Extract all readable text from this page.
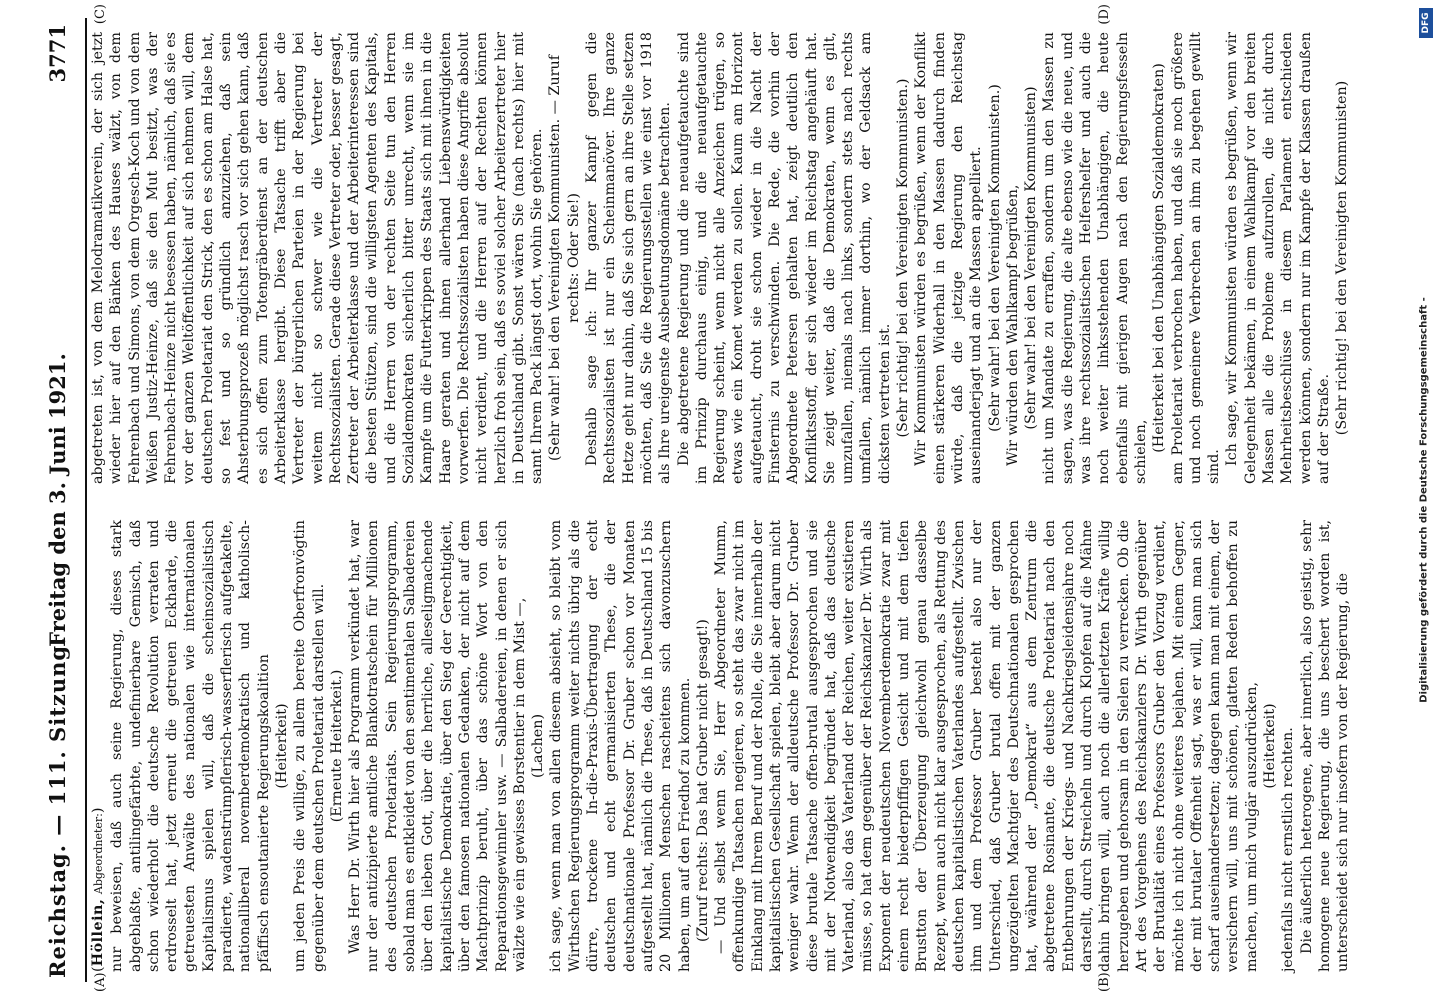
Reichstag. — 111. Sitzung.
Freitag den 3. Juni 1921.
3771
(A)	(B)
(C)	(D)

(Höllein, Abgeordneter:) nur beweisen, daß auch seine Regierung, dieses stark abgeblaßte, antilingefärbte, undefinierbare Gemisch, daß schon wiederholt die deutsche Revolution verraten und erdrosselt hat, jetzt erneut die getreuen Eckharde, die getreuesten Anwälte des nationalen wie internationalen Kapitalismus spielen will, daß die scheinsozialistisch paradierte, wadenstrümpflerisch-wasserflerisch aufgetakelte, nationalliberal novemberdemokratisch und katholisch-pfäffisch ensoutanierte Regierungskoalition (Heiterkeit) um jeden Preis die willige, zu allem bereite Oberfronvögtin gegenüber dem deutschen Proletariat darstellen will. (Erneute Heiterkeit.) Was Herr Dr. Wirth hier als Programm verkündet hat, war nur der antizipierte amtliche Blankotratschein für Millionen des deutschen Proletariats. Sein Regierungsprogramm, sobald man es entkleidet von den sentimentalen Salbadereien über den lieben Gott, über die herrliche, alleseligmachende kapitalistische Demokratie, über den Sieg der Gerechtigkeit, über den famosen nationalen Gedanken, der nicht auf dem Machtprinzip beruht, über das schöne Wort von den Reparationsgewinnler usw. — Salbadereien, in denen er sich wälzte wie ein gewisses Borstentier in dem Mist —, (Lachen) ich sage, wenn man von allen diesem absieht, so bleibt vom Wirthschen Regierungsprogramm weiter nichts übrig als die dürre, trockene In-die-Praxis-Übertragung der echt deutschen und echt germanisierten These, die der deutschnationale Professor Dr. Gruber schon vor Monaten aufgestellt hat, nämlich die These, daß in Deutschland 15 bis 20 Millionen Menschen rascheitens sich davonzuschern haben, um auf den Friedhof zu kommen. (Zuruf rechts: Das hat Gruber nicht gesagt!) — Und selbst wenn Sie, Herr Abgeordneter Mumm, offenkundige Tatsachen negieren, so steht das zwar nicht im Einklang mit Ihrem Beruf und der Rolle, die Sie innerhalb der kapitalistischen Gesellschaft spielen, bleibt aber darum nicht weniger wahr. Wenn der alldeutsche Professor Dr. Gruber diese brutale Tatsache offen-brutal ausgesprochen und sie mit der Notwendigkeit begründet hat, daß das deutsche Vaterland, also das Vaterland der Reichen, weiter existieren müsse, so hat dem gegenüber der Reichskanzler Dr. Wirth als Exponent der neudeutschen Novemberdemokratie zwar mit einem recht biederpfiffigen Gesicht und mit dem tiefen Brustton der Überzeugung gleichwohl genau dasselbe Rezept, wenn auch nicht klar ausgesprochen, als Rettung des deutschen kapitalistischen Vaterlandes aufgestellt. Zwischen ihm und dem Professor Gruber besteht also nur der Unterschied, daß Gruber brutal offen mit der ganzen ungezügelten Machtgier des Deutschnationalen gesprochen hat, während der „Demokrat“ aus dem Zentrum die abgetretene Rosinante, die deutsche Proletariat nach den Entbehrungen der Kriegs- und Nachkriegsleidensjahre noch darstellt, durch Streicheln und durch Klopfen auf die Mähne dahin bringen will, auch noch die allerletzten Kräfte willig herzugeben und gehorsam in den Sielen zu verrecken. Ob die Art des Vorgehens des Reichskanzlers Dr. Wirth gegenüber der Brutalität eines Professors Gruber den Vorzug verdient, möchte ich nicht ohne weiteres bejahen. Mit einem Gegner, der mit brutaler Offenheit sagt, was er will, kann man sich scharf auseinandersetzen; dagegen kann man mit einem, der versichern will, uns mit schönen, glatten Reden behoffen zu machen, um mich vulgär auszudrücken, (Heiterkeit) jedenfalls nicht ernstlich rechten. Die äußerlich heterogene, aber innerlich, also geistig, sehr homogene neue Regierung, die uns beschert worden ist, unterscheidet sich nur insofern von der Regierung, die

abgetreten ist, von dem Melodramatikverein, der sich jetzt wieder hier auf den Bänken des Hauses wälzt, von dem Fehrenbach und Simons, von dem Orgesch-Koch und von dem Weißen Justiz-Heinze, daß sie den Mut besitzt, was der Fehrenbach-Heinze nicht besessen haben, nämlich, daß sie es vor der ganzen Weltöffentlichkeit auf sich nehmen will, dem deutschen Proletariat den Strick, den es schon am Halse hat, so fest und so gründlich anzuziehen, daß sein Ahsterbungsprozeß möglichst rasch vor sich gehen kann, daß es sich offen zum Totengräberdienst an der deutschen Arbeiterklasse hergibt. Diese Tatsache trifft aber die Vertreter der bürgerlichen Parteien in der Regierung bei weitem nicht so schwer wie die Vertreter der Rechtssozialisten. Gerade diese Vertreter oder, besser gesagt, Zertreter der Arbeiterklasse und der Arbeiterinteressen sind die besten Stützen, sind die willigsten Agenten des Kapitals, und die Herren von der rechten Seite tun den Herren Sozialdemokraten sicherlich bitter unrecht, wenn sie im Kampfe um die Futterkrippen des Staats sich mit ihnen in die Haare geraten und ihnen allerhand Liebenswürdigkeiten vorwerfen. Die Rechtssozialisten haben diese Angriffe absolut nicht verdient, und die Herren auf der Rechten können herzlich froh sein, daß es soviel solcher Arbeiterzertreter hier in Deutschland gibt. Sonst wären Sie (nach rechts) hier mit samt Ihrem Pack längst dort, wohin Sie gehören. (Sehr wahr! bei den Vereinigten Kommunisten. — Zuruf rechts: Oder Sie!) Deshalb sage ich: Ihr ganzer Kampf gegen die Rechtssozialisten ist nur ein Scheinmanöver. Ihre ganze Hetze geht nur dahin, daß Sie sich gern an ihre Stelle setzen möchten, daß Sie die Regierungsstellen wie einst vor 1918 als Ihre ureigenste Ausbeutungsdomäne betrachten. Die abgetretene Regierung und die neuaufgetauchte sind im Prinzip durchaus einig, und die neuaufgetauchte Regierung scheint, wenn nicht alle Anzeichen trügen, so etwas wie ein Komet werden zu sollen. Kaum am Horizont aufgetaucht, droht sie schon wieder in die Nacht der Finsternis zu verschwinden. Die Rede, die vorhin der Abgeordnete Petersen gehalten hat, zeigt deutlich den Konfliktsstoff, der sich wieder im Reichstag angehäuft hat. Sie zeigt weiter, daß die Demokraten, wenn es gilt, umzufallen, niemals nach links, sondern stets nach rechts umfallen, nämlich immer dorthin, wo der Geldsack am dicksten vertreten ist. (Sehr richtig! bei den Vereinigten Kommunisten.) Wir Kommunisten würden es begrüßen, wenn der Konflikt einen stärkeren Widerhall in den Massen dadurch finden würde, daß die jetzige Regierung den Reichstag auseinanderjagt und an die Massen appelliert. (Sehr wahr! bei den Vereinigten Kommunisten.) Wir würden den Wahlkampf begrüßen, (Sehr wahr! bei den Vereinigten Kommunisten) nicht um Mandate zu erraffen, sondern um den Massen zu sagen, was die Regierung, die alte ebenso wie die neue, und was ihre rechtssozialistischen Helfershelfer und auch die noch weiter linksstehenden Unabhängigen, die heute ebenfalls mit gierigen Augen nach den Regierungsfesseln schielen, (Heiterkeit bei den Unabhängigen Sozialdemokraten) am Proletariat verbrochen haben, und daß sie noch größere und noch gemeinere Verbrechen an ihm zu begehen gewillt sind.

Ich sage, wir Kommunisten würden es begrüßen, wenn wir Gelegenheit bekämen, in einem Wahlkampf vor den breiten Massen alle die Probleme aufzurollen, die nicht durch Mehrheitsbeschlüsse in diesem Parlament entschieden werden können, sondern nur im Kampfe der Klassen draußen auf der Straße. (Sehr richtig! bei den Vereinigten Kommunisten)

Digitalisierung gefördert durch die Deutsche Forschungsgemeinschaft -
DFG
